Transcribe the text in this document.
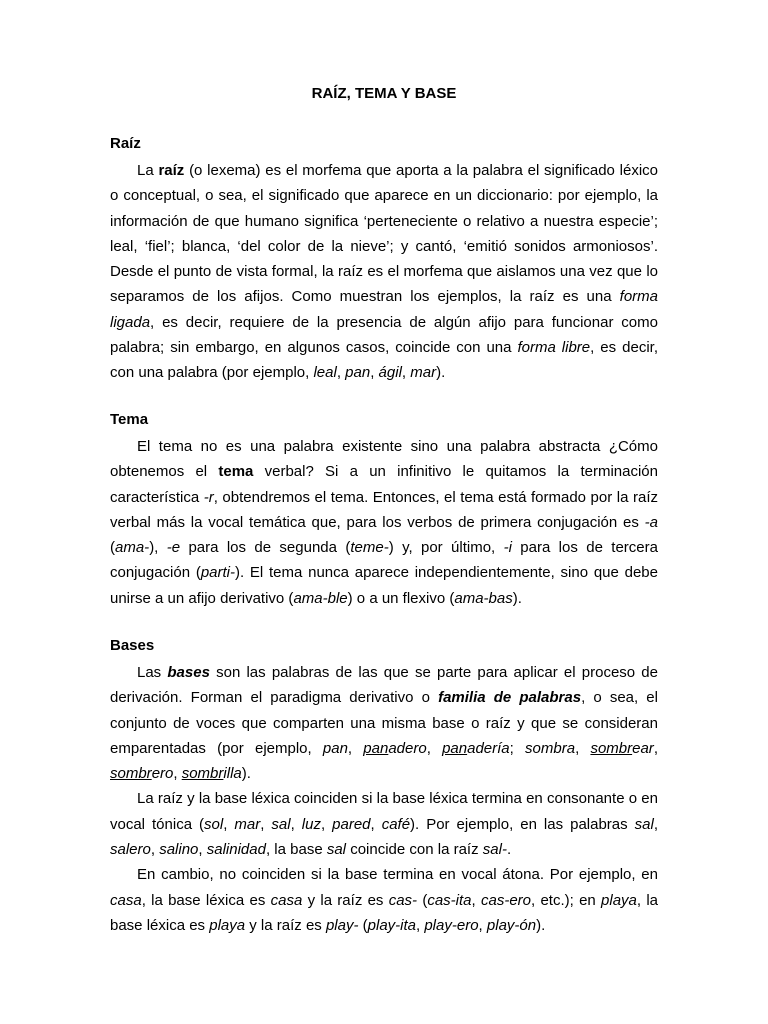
RAÍZ, TEMA Y BASE
Raíz

La raíz (o lexema) es el morfema que aporta a la palabra el significado léxico o conceptual, o sea, el significado que aparece en un diccionario: por ejemplo, la información de que humano significa ‘perteneciente o relativo a nuestra especie’; leal, ‘fiel’; blanca, ‘del color de la nieve’; y cantó, ‘emitió sonidos armoniosos’. Desde el punto de vista formal, la raíz es el morfema que aislamos una vez que lo separamos de los afijos. Como muestran los ejemplos, la raíz es una forma ligada, es decir, requiere de la presencia de algún afijo para funcionar como palabra; sin embargo, en algunos casos, coincide con una forma libre, es decir, con una palabra (por ejemplo, leal, pan, ágil, mar).

Tema

El tema no es una palabra existente sino una palabra abstracta ¿Cómo obtenemos el tema verbal? Si a un infinitivo le quitamos la terminación característica -r, obtendremos el tema. Entonces, el tema está formado por la raíz verbal más la vocal temática que, para los verbos de primera conjugación es -a (ama-), -e para los de segunda (teme-) y, por último, -i para los de tercera conjugación (parti-). El tema nunca aparece independientemente, sino que debe unirse a un afijo derivativo (ama-ble) o a un flexivo (ama-bas).

Bases

Las bases son las palabras de las que se parte para aplicar el proceso de derivación. Forman el paradigma derivativo o familia de palabras, o sea, el conjunto de voces que comparten una misma base o raíz y que se consideran emparentadas (por ejemplo, pan, panadero, panadería; sombra, sombrear, sombrero, sombrilla).

La raíz y la base léxica coinciden si la base léxica termina en consonante o en vocal tónica (sol, mar, sal, luz, pared, café). Por ejemplo, en las palabras sal, salero, salino, salinidad, la base sal coincide con la raíz sal-.

En cambio, no coinciden si la base termina en vocal átona. Por ejemplo, en casa, la base léxica es casa y la raíz es cas- (cas-ita, cas-ero, etc.); en playa, la base léxica es playa y la raíz es play- (play-ita, play-ero, play-ón).
